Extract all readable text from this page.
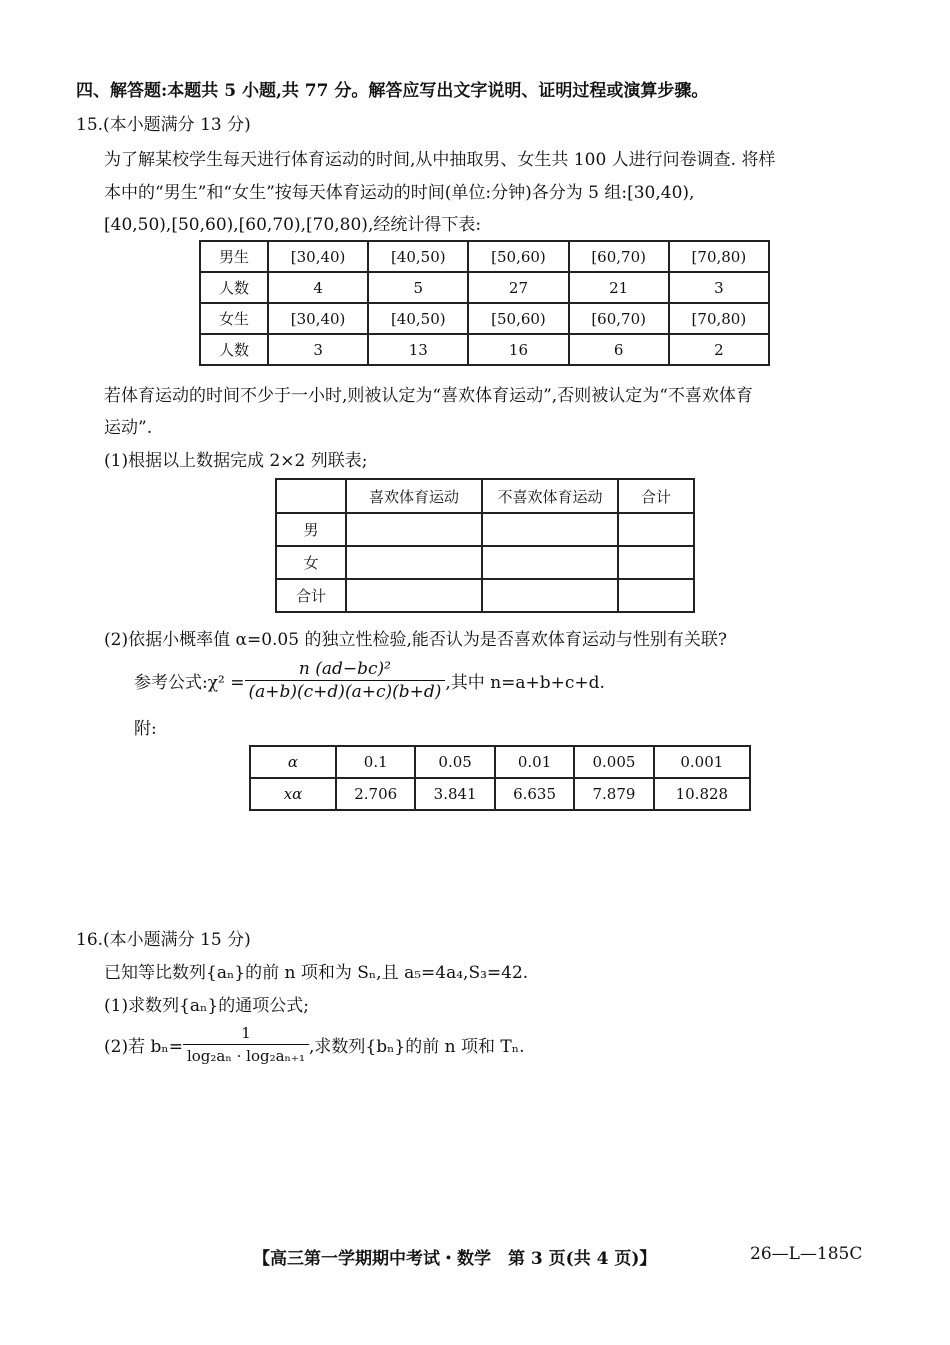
四、解答题:本题共 5 小题,共 77 分。解答应写出文字说明、证明过程或演算步骤。
15.(本小题满分 13 分)
为了解某校学生每天进行体育运动的时间,从中抽取男、女生共 100 人进行问卷调查. 将样
本中的“男生”和“女生”按每天体育运动的时间(单位:分钟)各分为 5 组:[30,40),
[40,50),[50,60),[60,70),[70,80),经统计得下表:
男生	[30,40)	[40,50)	[50,60)	[60,70)	[70,80)
人数	4	5	27	21	3
女生	[30,40)	[40,50)	[50,60)	[60,70)	[70,80)
人数	3	13	16	6	2
若体育运动的时间不少于一小时,则被认定为“喜欢体育运动”,否则被认定为“不喜欢体育
运动”.
(1)根据以上数据完成 2×2 列联表;
	喜欢体育运动	不喜欢体育运动	合计
男			
女			
合计			
(2)依据小概率值 α=0.05 的独立性检验,能否认为是否喜欢体育运动与性别有关联?
参考公式:χ² = $\frac{\text{n (ad−bc)²}}{(a+b)(c+d)(a+c)(b+d)}$ ,其中 n=a+b+c+d.
附:
α	0.1	0.05	0.01	0.005	0.001
xα	2.706	3.841	6.635	7.879	10.828
16.(本小题满分 15 分)
已知等比数列{aₙ}的前 n 项和为 Sₙ,且 a₅=4a₄,S₃=42.
(1)求数列{aₙ}的通项公式;
(2)若 $b_n= \frac{1}{\text{log₂aₙ · log₂aₙ₊₁}}$ ,求数列{bₙ}的前 n 项和 Tₙ.
【高三第一学期期中考试・数学　第 3 页(共 4 页)】	26—L—185C
